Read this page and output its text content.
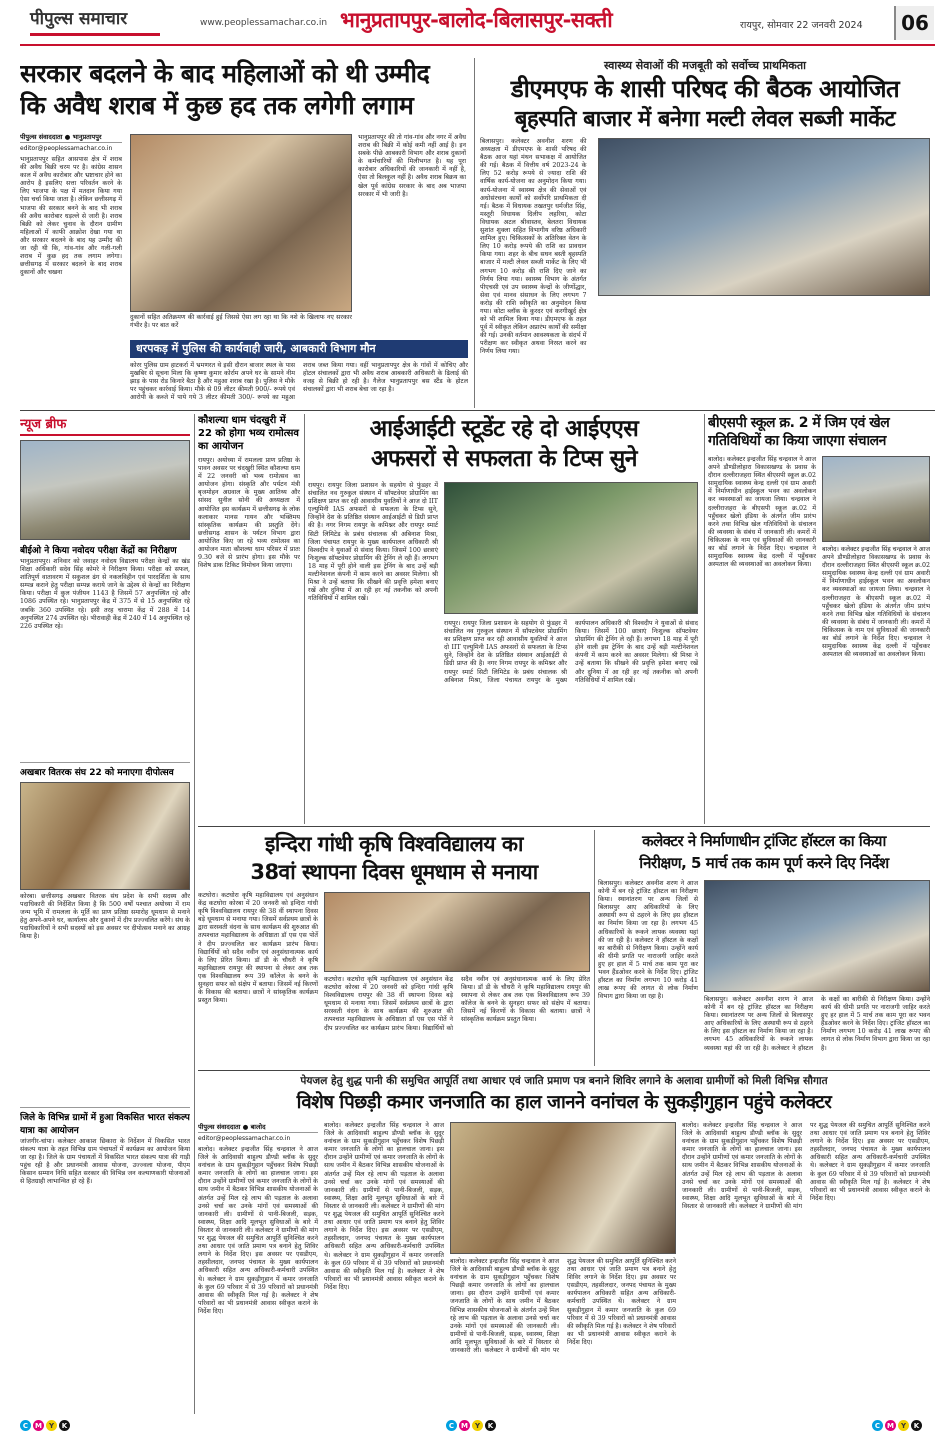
पीपुल्स समाचार	www.peoplessamachar.co.in भानुप्रतापपुर-बालोद-बिलासपुर-सक्ती	रायपुर, सोमवार 22 जनवरी 2024	06
सरकार बदलने के बाद महिलाओं को थी उम्मीद
कि अवैध शराब में कुछ हद तक लगेगी लगाम
पीपुल्स संवाददाता ● भानुप्रतापपुर
editor@peoplessamachar.co.in
भानुप्रतापपुर सहित आसपास क्षेत्र में शराब की अवैध बिक्री चरम पर है। कांग्रेस शासन काल में अवैध कारोबार और भ्रष्टाचार होने का आरोप है इसलिए सत्ता परिवर्तन करने के लिए भाजपा के पक्ष में मतदान किया गया ऐसा चर्चा किया जाता है। लेकिन छत्तीसगढ़ में भाजपा की सरकार बनने के बाद भी शराब की अवैध कारोबार धड़ल्ले से जारी है। शराब बिक्री को लेकर चुनाव के दौरान ग्रामीण महिलाओं में काफी आक्रोश देखा गया था और सरकार बदलने के बाद यह उम्मीद की जा रही थी कि, गांव-गांव और गली-गली शराब में कुछ हद तक लगाम लगेगा। छत्तीसगढ़ में सरकार बदलने के बाद शराब दुकानों और चखना
दुकानों सहित अतिक्रमण की कार्रवाई हुई जिससे ऐसा लग रहा था कि नशे के खिलाफ नए सरकार गंभीर है। पर बात करें
भानुप्रतापपुर की तो गांव-गांव और नगर में अवैध शराब की बिक्री में कोई कमी नहीं आई है। इन सबके पीछे आबकारी विभाग और शराब दुकानों के कर्मचारियों की मिलीभगत है। यह पूरा कारोबार अधिकारियों की जानकारी में नहीं है, ऐसा तो बिलकुल नहीं है। अवैध शराब बिक्रय का खेल पूर्व कांग्रेस सरकार के बाद अब भाजपा सरकार में भी जारी है।
धरपकड़ में पुलिस की कार्यवाही जारी, आबकारी विभाग मौन
कोरर पुलिस ग्राम हाटकर्रा में भ्रमणरत थे इसी दौरान बाजार स्थल के पास मुखबिर से सूचना मिला कि कृष्णा कुमार कोर्राम अपने घर के सामने नीम झाड़ के पास रोड किनारे बैठा है और महुआ शराब रखा है। पुलिस ने मौके पर पहुंचकर कार्रवाई किया। मौके से 09 लीटर कीमती 900/- रूपये एवं आरोपी के कब्जे में पाये गये 3 लीटर कीमती 300/- रूपये का महुआ शराब जब्त किया गया। वहीं भानुप्रतापपुर क्षेत्र के गांवों में कोचिए और होटल संचालकों द्वारा भी अवैध शराब आबकारी अधिकारी के ढिलाई की वजह से बिक्री हो रही है। गैलेज भानुप्रतापपुर बस स्टैंड के होटल संचालकों द्वारा भी शराब बेचा जा रहा है।
स्वास्थ्य सेवाओं की मजबूती को सर्वोच्च प्राथमिकता
डीएमएफ के शासी परिषद की बैठक आयोजित
बृहस्पति बाजार में बनेगा मल्टी लेवल सब्जी मार्केट
बिलासपुर। कलेक्टर अवनीश शरण की अध्यक्षता में डीएमएफ के शासी परिषद की बैठक आज यहां मंथन सभाकक्ष में आयोजित की गई। बैठक में वित्तीय वर्ष 2023-24 के लिए 52 करोड़ रूपये से ज्यादा राशि की वार्षिक कार्य-योजना का अनुमोदन किया गया। कार्य-योजना में स्वास्थ्य क्षेत्र की सेवाओं एवं अधोसंरचना कार्यों को सर्वोपरि प्राथमिकता दी गई। बैठक में विधायक तखतपुर धर्मजीत सिंह, मस्तूरी विधायक दिलीप लहरिया, कोटा विधायक अटल श्रीवास्तव, बेलतरा विधायक सुशांत शुक्ला सहित विभागीय वरिष्ठ अधिकारी शामिल हुए। चिकित्सकों के अतिरिक्त वेतन के लिए 10 करोड़ रूपये की राशि का प्रावधान किया गया। शहर के बीच सघन बस्ती बृहस्पति बाजार में मल्टी लेवल सब्जी मार्केट के लिए भी लगभग 10 करोड़ की राशि दिए जाने का निर्णय लिया गया। स्वास्थ्य विभाग के अंतर्गत पीएचसी एवं उप स्वास्थ्य केन्द्रों के जीर्णोद्धार, सेवा एवं मानव संसाधन के लिए लगभग 7 करोड़ की राशि स्वीकृति का अनुमोदन किया गया। कोटा ब्लॉक के कुरदर एवं करगीखुर्द क्षेत्र को भी शामिल किया गया। डीएमएफ के तहत पूर्व में स्वीकृत लेकिन अप्रारंभ कार्यों की समीक्षा की गई। उनकी वर्तमान आवश्यकता के संदर्भ में परीक्षण कर स्वीकृत अथवा निरस्त करने का निर्णय लिया गया।
न्यूज ब्रीफ
बीईओ ने किया नवोदय परीक्षा केंद्रों का निरीक्षण
भानुप्रतापपुर। शनिवार को जवाहर नवोदय विद्यालय परीक्षा केन्द्रों का खंड शिक्षा अधिकारी सदेव सिंह कोमरे ने निरीक्षण किया। परीक्षा को सफल, शांतिपूर्ण वातावरण में सकुशल ढंग से नकलविहीन एवं पारदर्शिता के साथ सम्पन्न कराने हेतु परीक्षा सम्पन्न कराये जाने के उद्देश्य से केन्द्रों का निरीक्षण किया। परीक्षा में कुल पंजीयन 1143 है जिसमें 57 अनुपस्थित रहे और 1086 उपस्थित रहे। भानुप्रतापपुर केंद्र में 375 में से 15 अनुपस्थित रहे जबकि 360 उपस्थित रहे। इसी तरह चारामा केंद्र में 288 में 14 अनुपस्थित 274 उपस्थित रहे। भीरावाही केंद्र में 240 में 14 अनुपस्थित रहे 226 उपस्थित रहे।
अखबार वितरक संघ 22 को मनाएगा दीपोत्सव
कोरबा। छत्तीसगढ़ अखबार वितरक संघ प्रदेश के सभी सदस्य और पदाधिकारी की निर्देशित किया है कि 500 वर्षों पश्चात अयोध्या में राम जन्म भूमि में रामलला के मूर्ति का प्राण प्रतिष्ठा समारोह धूमधाम से मनाने हेतु अपने-अपने घर, कार्यालय और दुकानों में दीप प्रज्ज्वलित करेंगे। संघ के पदाधिकारियों ने सभी सदस्यों को इस अवसर पर दीपोत्सव मनाने का आग्रह किया है।
जिले के विभिन्न ग्रामों में हुआ विकसित भारत संकल्प यात्रा का आयोजन
जांजगीर-चांपा। कलेक्टर आकाश छिकारा के निर्देशन में विकसित भारत संकल्प यात्रा के तहत विभिन्न ग्राम पंचायतों में कार्यक्रम का आयोजन किया जा रहा है। जिले के ग्राम पंचायतों में विकसित भारत संकल्प यात्रा की गाड़ी पहुंच रही है और प्रधानमंत्री आवास योजना, उज्ज्वला योजना, पीएम किसान सम्मान निधि सहित सरकार की विभिन्न जन कल्याणकारी योजनाओं से हितग्राही लाभान्वित हो रहे हैं।
कौशल्या धाम चंदखुरी में 22 को होगा भव्य रामोत्सव का आयोजन
रायपुर। अयोध्या में रामलला प्राण प्रतिष्ठा के पावन अवसर पर चंदखुरी स्थित कौशल्या धाम में 22 जनवरी को भव्य रामोत्सव का आयोजन होगा। संस्कृति और पर्यटन मंत्री बृजमोहन अग्रवाल के मुख्य आतिथ्य और सांसद सुनील सोनी की अध्यक्षता में आयोजित इस कार्यक्रम में छत्तीसगढ़ के लोक कलाकार मानस गायन और भक्तिमय सांस्कृतिक कार्यक्रम की प्रस्तुति देंगे। छत्तीसगढ़ शासन के पर्यटन विभाग द्वारा आयोजित किए जा रहे भव्य रामोत्सव का आयोजन माता कौशल्या धाम परिसर में प्रातः 9.30 बजे से प्रारंभ होगा। इस मौके पर विशेष डाक टिकिट विमोचन किया जाएगा।
आईआईटी स्टूडेंट रहे दो आईएएस
अफसरों से सफलता के टिप्स सुने
रायपुर। रायपुर जिला प्रशासन के सहयोग से फुंडहर में संचालित नव गुरुकुल संस्थान में सॉफ्टवेयर प्रोग्रामिंग का प्रशिक्षण प्राप्त कर रही आवासीय युवतियों ने आज दो IIT एल्युमिनी IAS अफसरों से सफलता के टिप्स सुने, जिन्होंने देश के प्रतिष्ठित संस्थान आईआईटी से डिग्री प्राप्त की है। नगर निगम रायपुर के कमिश्नर और रायपुर स्मार्ट सिटी लिमिटेड के प्रबंध संचालक श्री अबिनाश मिश्रा, जिला पंचायत रायपुर के मुख्य कार्यपालन अधिकारी श्री विश्वदीप ने युवाओं से संवाद किया। जिसमें 100 छात्राएं निःशुल्क सॉफ्टवेयर प्रोग्रामिंग की ट्रेनिंग ले रही हैं। लगभग 18 माह में पूरी होने वाली इस ट्रेनिंग के बाद उन्हें बड़ी मल्टीनेशनल कंपनी में काम करने का अवसर मिलेगा। श्री मिश्रा ने उन्हें बताया कि सीखने की प्रवृत्ति हमेशा बनाए रखें और दुनिया में आ रही हर नई तकनीक को अपनी गतिविधियों में शामिल रखें।
रायपुर। रायपुर जिला प्रशासन के सहयोग से फुंडहर में संचालित नव गुरुकुल संस्थान में सॉफ्टवेयर प्रोग्रामिंग का प्रशिक्षण प्राप्त कर रही आवासीय युवतियों ने आज दो IIT एल्युमिनी IAS अफसरों से सफलता के टिप्स सुने, जिन्होंने देश के प्रतिष्ठित संस्थान आईआईटी से डिग्री प्राप्त की है। नगर निगम रायपुर के कमिश्नर और रायपुर स्मार्ट सिटी लिमिटेड के प्रबंध संचालक श्री अबिनाश मिश्रा, जिला पंचायत रायपुर के मुख्य कार्यपालन अधिकारी श्री विश्वदीप ने युवाओं से संवाद किया। जिसमें 100 छात्राएं निःशुल्क सॉफ्टवेयर प्रोग्रामिंग की ट्रेनिंग ले रही हैं। लगभग 18 माह में पूरी होने वाली इस ट्रेनिंग के बाद उन्हें बड़ी मल्टीनेशनल कंपनी में काम करने का अवसर मिलेगा। श्री मिश्रा ने उन्हें बताया कि सीखने की प्रवृत्ति हमेशा बनाए रखें और दुनिया में आ रही हर नई तकनीक को अपनी गतिविधियों में शामिल रखें।
बीएसपी स्कूल क्र. 2 में जिम एवं खेल
गतिविधियों का किया जाएगा संचालन
बालोद। कलेक्टर इन्द्रजीत सिंह चन्द्रवाल ने आज अपने डौण्डीलोहारा विकासखण्ड के प्रवास के दौरान दल्लीराजहरा स्थित बीएसपी स्कूल क्र.02 सामुदायिक स्वास्थ्य केन्द्र दल्ली एवं ग्राम अवारी में निर्माणाधीन हाईस्कूल भवन का अवलोकन कर व्यवस्थाओं का जायजा लिया। चन्द्रवाल ने दल्लीराजहरा के बीएसपी स्कूल क्र.02 में पहुँचकर खेलो इंडिया के अंतर्गत जीम प्रारंभ करने तथा विभिन्न खेल गतिविधियों के संचालन की व्यवस्था के संबंध में जानकारी ली। कमरों में चिकित्सक के नाम एवं सुविधाओं की जानकारी का बोर्ड लगाने के निर्देश दिए। चन्द्रवाल ने सामुदायिक स्वास्थ्य केंद्र दल्ली में पहुँचकर अस्पताल की व्यवस्थाओं का अवलोकन किया।
बालोद। कलेक्टर इन्द्रजीत सिंह चन्द्रवाल ने आज अपने डौण्डीलोहारा विकासखण्ड के प्रवास के दौरान दल्लीराजहरा स्थित बीएसपी स्कूल क्र.02 सामुदायिक स्वास्थ्य केन्द्र दल्ली एवं ग्राम अवारी में निर्माणाधीन हाईस्कूल भवन का अवलोकन कर व्यवस्थाओं का जायजा लिया। चन्द्रवाल ने दल्लीराजहरा के बीएसपी स्कूल क्र.02 में पहुँचकर खेलो इंडिया के अंतर्गत जीम प्रारंभ करने तथा विभिन्न खेल गतिविधियों के संचालन की व्यवस्था के संबंध में जानकारी ली। कमरों में चिकित्सक के नाम एवं सुविधाओं की जानकारी का बोर्ड लगाने के निर्देश दिए। चन्द्रवाल ने सामुदायिक स्वास्थ्य केंद्र दल्ली में पहुँचकर अस्पताल की व्यवस्थाओं का अवलोकन किया।
इन्दिरा गांधी कृषि विश्वविद्यालय का
38वां स्थापना दिवस धूमधाम से मनाया
कटघोरा। कटघोरा कृषि महाविद्यालय एवं अनुसंधान केंद्र कटघोरा कोरबा में 20 जनवरी को इन्दिरा गांधी कृषि विश्वविद्यालय रायपुर की 38 वीं स्थापना दिवस बड़े धूमधाम से मनाया गया। जिसमें सर्वप्रथम छात्रों के द्वारा सरस्वती वंदना के साथ कार्यक्रम की शुरुआत की तत्पश्चात महाविद्यालय के अधिष्ठाता डॉ एस एस पोर्ते ने दीप प्रज्ज्वलित कर कार्यक्रम प्रारंभ किया। विद्यार्थियों को सदैव नवीन एवं अनुसंधानात्मक कार्य के लिए प्रेरित किया। डॉ डी के चौधरी ने कृषि महाविद्यालय रायपुर की स्थापना से लेकर अब तक एक विश्वविद्यालय रूप 39 कॉलेज के बनने के सुनहरा सफर को संक्षेप में बताया। जिसमें नई किरणों के विकास की बताया। छात्रों ने सांस्कृतिक कार्यक्रम प्रस्तुत किया।
कटघोरा। कटघोरा कृषि महाविद्यालय एवं अनुसंधान केंद्र कटघोरा कोरबा में 20 जनवरी को इन्दिरा गांधी कृषि विश्वविद्यालय रायपुर की 38 वीं स्थापना दिवस बड़े धूमधाम से मनाया गया। जिसमें सर्वप्रथम छात्रों के द्वारा सरस्वती वंदना के साथ कार्यक्रम की शुरुआत की तत्पश्चात महाविद्यालय के अधिष्ठाता डॉ एस एस पोर्ते ने दीप प्रज्ज्वलित कर कार्यक्रम प्रारंभ किया। विद्यार्थियों को सदैव नवीन एवं अनुसंधानात्मक कार्य के लिए प्रेरित किया। डॉ डी के चौधरी ने कृषि महाविद्यालय रायपुर की स्थापना से लेकर अब तक एक विश्वविद्यालय रूप 39 कॉलेज के बनने के सुनहरा सफर को संक्षेप में बताया। जिसमें नई किरणों के विकास की बताया। छात्रों ने सांस्कृतिक कार्यक्रम प्रस्तुत किया।
कलेक्टर ने निर्माणाधीन ट्रांजिट हॉस्टल का किया
निरीक्षण, 5 मार्च तक काम पूर्ण करने दिए निर्देश
बिलासपुर। कलेक्टर अवनीश शरण ने आज कोनी में बन रहे ट्रांजिट हॉस्टल का निरीक्षण किया। स्थानांतरण पर अन्य जिलों से बिलासपुर आए अधिकारियों के लिए अस्थायी रूप से ठहरने के लिए इस हॉस्टल का निर्माण किया जा रहा है। लगभग 45 अधिकारियों के रूकने लायक व्यवस्था यहां की जा रही है। कलेक्टर ने हॉस्टल के कक्षों का बारीकी से निरीक्षण किया। उन्होंने कार्य की धीमी प्रगति पर नाराजगी जाहिर करते हुए हर हाल में 5 मार्च तक काम पूरा कर भवन हैंडओवर करने के निर्देश दिए। ट्रांजिट हॉस्टल का निर्माण लगभग 10 करोड़ 41 लाख रूपए की लागत से लोक निर्माण विभाग द्वारा किया जा रहा है।	बिलासपुर। कलेक्टर अवनीश शरण ने आज कोनी में बन रहे ट्रांजिट हॉस्टल का निरीक्षण किया। स्थानांतरण पर अन्य जिलों से बिलासपुर आए अधिकारियों के लिए अस्थायी रूप से ठहरने के लिए इस हॉस्टल का निर्माण किया जा रहा है। लगभग 45 अधिकारियों के रूकने लायक व्यवस्था यहां की जा रही है। कलेक्टर ने हॉस्टल के कक्षों का बारीकी से निरीक्षण किया। उन्होंने कार्य की धीमी प्रगति पर नाराजगी जाहिर करते हुए हर हाल में 5 मार्च तक काम पूरा कर भवन हैंडओवर करने के निर्देश दिए। ट्रांजिट हॉस्टल का निर्माण लगभग 10 करोड़ 41 लाख रूपए की लागत से लोक निर्माण विभाग द्वारा किया जा रहा है।
पेयजल हेतु शुद्ध पानी की समुचित आपूर्ति तथा आधार एवं जाति प्रमाण पत्र बनाने शिविर लगाने के अलावा ग्रामीणों को मिली विभिन्न सौगात
विशेष पिछड़ी कमार जनजाति का हाल जानने वनांचल के सुकड़ीगुहान पहुंचे कलेक्टर
पीपुल्स संवाददाता ● बालोद
editor@peoplessamachar.co.in
बालोद। कलेक्टर इन्द्रजीत सिंह चन्द्रवाल ने आज जिले के आदिवासी बाहुल्य डौण्डी ब्लॉक के सुदूर वनांचल के ग्राम सुकड़ीगुहान पहुँचकर विशेष पिछड़ी कमार जनजाति के लोगों का हालचाल जाना। इस दौरान उन्होंने ग्रामीणों एवं कमार जनजाति के लोगों के साथ जमीन में बैठकर विभिन्न शासकीय योजनाओं के अंतर्गत उन्हें मिल रहे लाभ की पड़ताल के अलावा उनसे चर्चा कर उनके मांगों एवं समस्याओं की जानकारी ली। ग्रामीणों से पानी-बिजली, सड़क, स्वास्थ्य, शिक्षा आदि मूलभूत सुविधाओं के बारे में विस्तार से जानकारी ली। कलेक्टर ने ग्रामीणों की मांग पर शुद्ध पेयजल की समुचित आपूर्ति सुनिश्चित करने तथा आधार एवं जाति प्रमाण पत्र बनाने हेतु शिविर लगाने के निर्देश दिए। इस अवसर पर एसडीएम, तहसीलदार, जनपद पंचायत के मुख्य कार्यपालन अधिकारी सहित अन्य अधिकारी-कर्मचारी उपस्थित थे। कलेक्टर ने ग्राम सुकड़ीगुहान में कमार जनजाति के कुल 69 परिवार में से 39 परिवारों को प्रधानमंत्री आवास की स्वीकृति मिल गई है। कलेक्टर ने शेष परिवारों का भी प्रधानमंत्री आवास स्वीकृत कराने के निर्देश दिए।
बालोद। कलेक्टर इन्द्रजीत सिंह चन्द्रवाल ने आज जिले के आदिवासी बाहुल्य डौण्डी ब्लॉक के सुदूर वनांचल के ग्राम सुकड़ीगुहान पहुँचकर विशेष पिछड़ी कमार जनजाति के लोगों का हालचाल जाना। इस दौरान उन्होंने ग्रामीणों एवं कमार जनजाति के लोगों के साथ जमीन में बैठकर विभिन्न शासकीय योजनाओं के अंतर्गत उन्हें मिल रहे लाभ की पड़ताल के अलावा उनसे चर्चा कर उनके मांगों एवं समस्याओं की जानकारी ली। ग्रामीणों से पानी-बिजली, सड़क, स्वास्थ्य, शिक्षा आदि मूलभूत सुविधाओं के बारे में विस्तार से जानकारी ली। कलेक्टर ने ग्रामीणों की मांग पर शुद्ध पेयजल की समुचित आपूर्ति सुनिश्चित करने तथा आधार एवं जाति प्रमाण पत्र बनाने हेतु शिविर लगाने के निर्देश दिए। इस अवसर पर एसडीएम, तहसीलदार, जनपद पंचायत के मुख्य कार्यपालन अधिकारी सहित अन्य अधिकारी-कर्मचारी उपस्थित थे। कलेक्टर ने ग्राम सुकड़ीगुहान में कमार जनजाति के कुल 69 परिवार में से 39 परिवारों को प्रधानमंत्री आवास की स्वीकृति मिल गई है। कलेक्टर ने शेष परिवारों का भी प्रधानमंत्री आवास स्वीकृत कराने के निर्देश दिए।
बालोद। कलेक्टर इन्द्रजीत सिंह चन्द्रवाल ने आज जिले के आदिवासी बाहुल्य डौण्डी ब्लॉक के सुदूर वनांचल के ग्राम सुकड़ीगुहान पहुँचकर विशेष पिछड़ी कमार जनजाति के लोगों का हालचाल जाना। इस दौरान उन्होंने ग्रामीणों एवं कमार जनजाति के लोगों के साथ जमीन में बैठकर विभिन्न शासकीय योजनाओं के अंतर्गत उन्हें मिल रहे लाभ की पड़ताल के अलावा उनसे चर्चा कर उनके मांगों एवं समस्याओं की जानकारी ली। ग्रामीणों से पानी-बिजली, सड़क, स्वास्थ्य, शिक्षा आदि मूलभूत सुविधाओं के बारे में विस्तार से जानकारी ली। कलेक्टर ने ग्रामीणों की मांग पर शुद्ध पेयजल की समुचित आपूर्ति सुनिश्चित करने तथा आधार एवं जाति प्रमाण पत्र बनाने हेतु शिविर लगाने के निर्देश दिए। इस अवसर पर एसडीएम, तहसीलदार, जनपद पंचायत के मुख्य कार्यपालन अधिकारी सहित अन्य अधिकारी-कर्मचारी उपस्थित थे। कलेक्टर ने ग्राम सुकड़ीगुहान में कमार जनजाति के कुल 69 परिवार में से 39 परिवारों को प्रधानमंत्री आवास की स्वीकृति मिल गई है। कलेक्टर ने शेष परिवारों का भी प्रधानमंत्री आवास स्वीकृत कराने के निर्देश दिए।
बालोद। कलेक्टर इन्द्रजीत सिंह चन्द्रवाल ने आज जिले के आदिवासी बाहुल्य डौण्डी ब्लॉक के सुदूर वनांचल के ग्राम सुकड़ीगुहान पहुँचकर विशेष पिछड़ी कमार जनजाति के लोगों का हालचाल जाना। इस दौरान उन्होंने ग्रामीणों एवं कमार जनजाति के लोगों के साथ जमीन में बैठकर विभिन्न शासकीय योजनाओं के अंतर्गत उन्हें मिल रहे लाभ की पड़ताल के अलावा उनसे चर्चा कर उनके मांगों एवं समस्याओं की जानकारी ली। ग्रामीणों से पानी-बिजली, सड़क, स्वास्थ्य, शिक्षा आदि मूलभूत सुविधाओं के बारे में विस्तार से जानकारी ली। कलेक्टर ने ग्रामीणों की मांग पर शुद्ध पेयजल की समुचित आपूर्ति सुनिश्चित करने तथा आधार एवं जाति प्रमाण पत्र बनाने हेतु शिविर लगाने के निर्देश दिए। इस अवसर पर एसडीएम, तहसीलदार, जनपद पंचायत के मुख्य कार्यपालन अधिकारी सहित अन्य अधिकारी-कर्मचारी उपस्थित थे। कलेक्टर ने ग्राम सुकड़ीगुहान में कमार जनजाति के कुल 69 परिवार में से 39 परिवारों को प्रधानमंत्री आवास की स्वीकृति मिल गई है। कलेक्टर ने शेष परिवारों का भी प्रधानमंत्री आवास स्वीकृत कराने के निर्देश दिए।
C M Y	K	C M Y	K	C M Y	K
